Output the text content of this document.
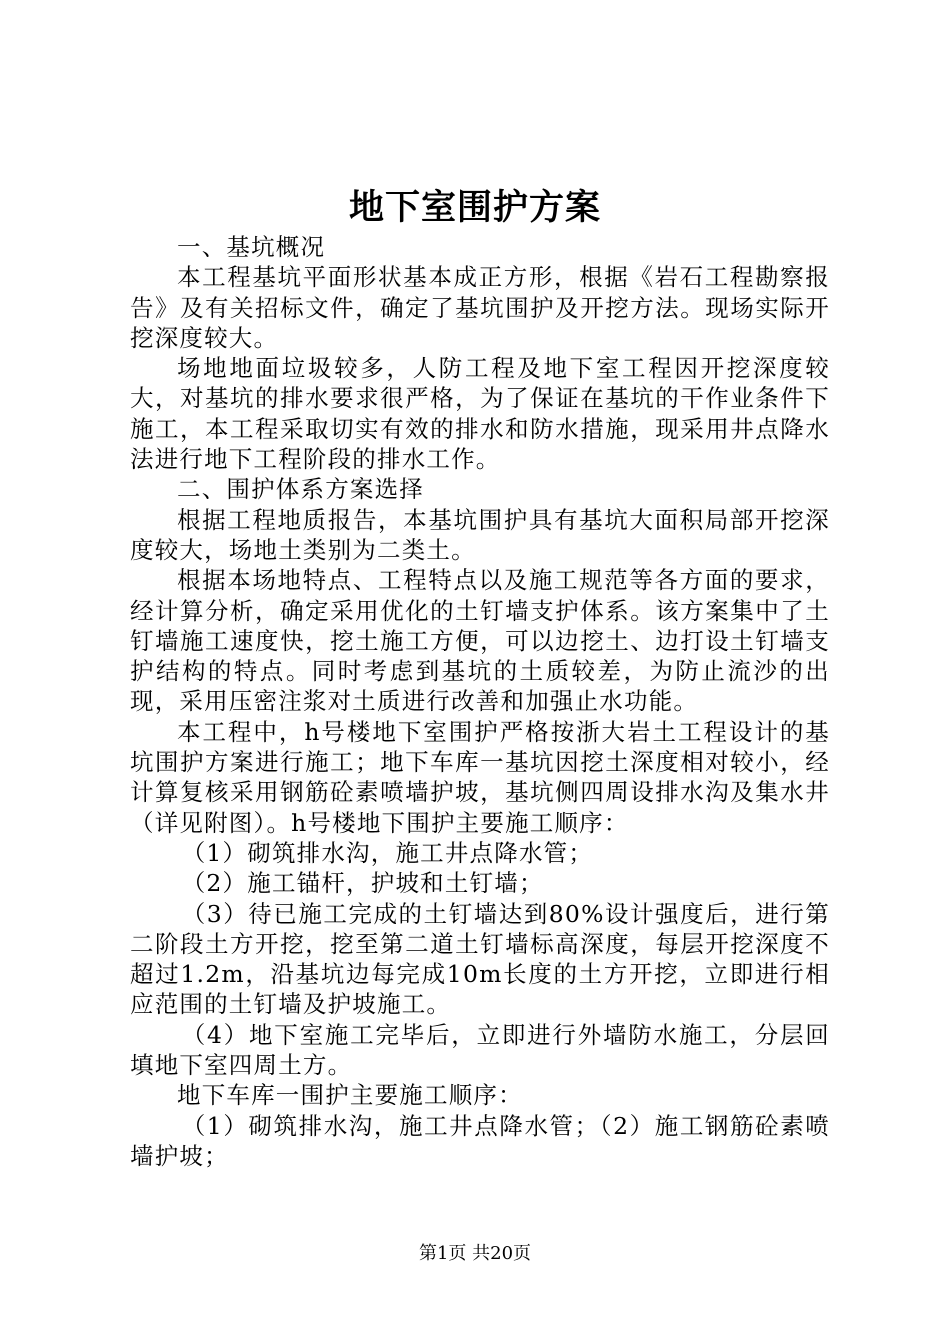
地下室围护方案

一、基坑概况

本工程基坑平面形状基本成正方形，根据《岩石工程勘察报告》及有关招标文件，确定了基坑围护及开挖方法。现场实际开挖深度较大。

场地地面垃圾较多，人防工程及地下室工程因开挖深度较大，对基坑的排水要求很严格，为了保证在基坑的干作业条件下施工，本工程采取切实有效的排水和防水措施，现采用井点降水法进行地下工程阶段的排水工作。

二、围护体系方案选择

根据工程地质报告，本基坑围护具有基坑大面积局部开挖深度较大，场地土类别为二类土。

根据本场地特点、工程特点以及施工规范等各方面的要求，经计算分析，确定采用优化的土钉墙支护体系。该方案集中了土钉墙施工速度快，挖土施工方便，可以边挖土、边打设土钉墙支护结构的特点。同时考虑到基坑的土质较差，为防止流沙的出现，采用压密注浆对土质进行改善和加强止水功能。

本工程中，h号楼地下室围护严格按浙大岩土工程设计的基坑围护方案进行施工；地下车库一基坑因挖土深度相对较小，经计算复核采用钢筋砼素喷墙护坡，基坑侧四周设排水沟及集水井（详见附图）。h号楼地下围护主要施工顺序：

（1）砌筑排水沟，施工井点降水管；

（2）施工锚杆，护坡和土钉墙；

（3）待已施工完成的土钉墙达到80%设计强度后，进行第二阶段土方开挖，挖至第二道土钉墙标高深度，每层开挖深度不超过1.2m，沿基坑边每完成10m长度的土方开挖，立即进行相应范围的土钉墙及护坡施工。

（4）地下室施工完毕后，立即进行外墙防水施工，分层回填地下室四周土方。

地下车库一围护主要施工顺序：

（1）砌筑排水沟，施工井点降水管；（2）施工钢筋砼素喷墙护坡；

第1页 共20页
